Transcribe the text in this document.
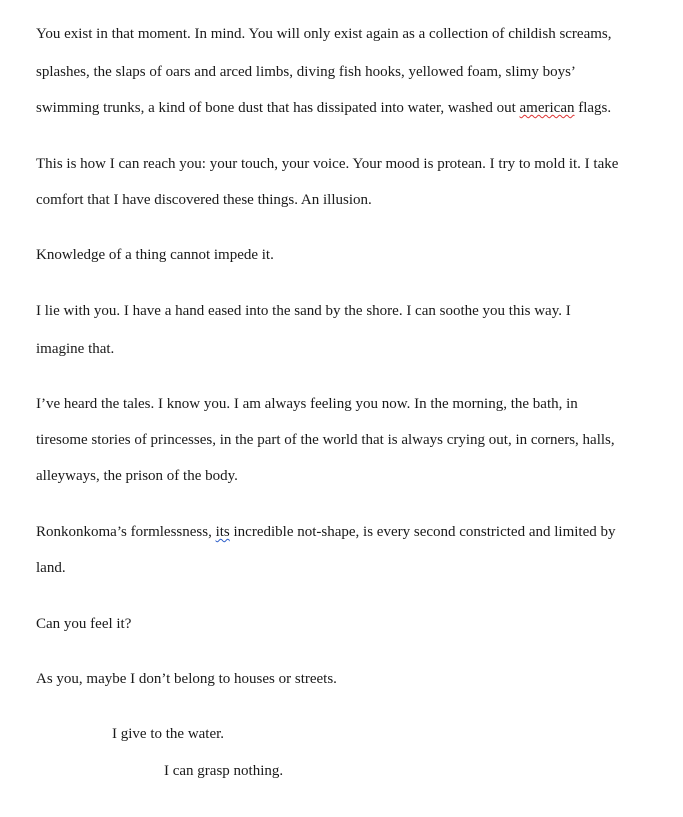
You exist in that moment. In mind. You will only exist again as a collection of childish screams,
splashes, the slaps of oars and arced limbs, diving fish hooks, yellowed foam, slimy boys’
swimming trunks, a kind of bone dust that has dissipated into water, washed out american flags.
This is how I can reach you: your touch, your voice. Your mood is protean. I try to mold it. I take
comfort that I have discovered these things. An illusion.
Knowledge of a thing cannot impede it.
I lie with you. I have a hand eased into the sand by the shore. I can soothe you this way. I
imagine that.
I’ve heard the tales. I know you. I am always feeling you now. In the morning, the bath, in
tiresome stories of princesses, in the part of the world that is always crying out, in corners, halls,
alleyways, the prison of the body.
Ronkonkoma’s formlessness, its incredible not-shape, is every second constricted and limited by
land.
Can you feel it?
As you, maybe I don’t belong to houses or streets.
I give to the water.
I can grasp nothing.
